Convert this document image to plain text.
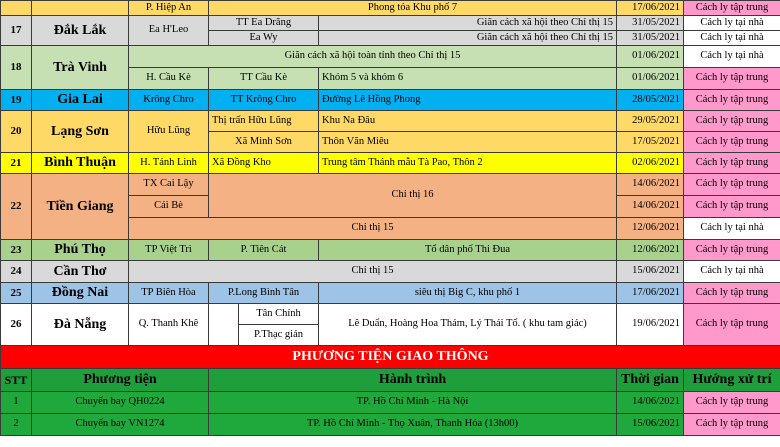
		P. Hiệp An	Phong tỏa Khu phố 7			17/06/2021	Cách ly tập trung
17	Đắk Lắk	Ea H'Leo	TT Ea Drăng		Giãn cách xã hội theo Chỉ thị 15	31/05/2021	Cách ly tại nhà
			Ea Wy		Giãn cách xã hội theo Chỉ thị 15	31/05/2021	Cách ly tại nhà
18	Trà Vinh	Giãn cách xã hội toàn tỉnh theo Chỉ thị 15				01/06/2021	Cách ly tại nhà
		H. Cầu Kè	TT Cầu Kè		Khóm 5 và khóm 6	01/06/2021	Cách ly tập trung
19	Gia Lai	Krông Chro	TT Krông Chro		Đường Lê Hồng Phong	28/05/2021	Cách ly tập trung
20	Lạng Sơn	Hữu Lũng	Thị trấn Hữu Lũng		Khu Na Đâu	29/05/2021	Cách ly tập trung
			Xã Minh Sơn		Thôn Văn Miêu	17/05/2021	Cách ly tập trung
21	Bình Thuận	H. Tánh Linh	Xã Đồng Kho		Trung tâm Thánh mẫu Tà Pao, Thôn 2	02/06/2021	Cách ly tập trung
22	Tiền Giang	TX Cai Lậy	Chỉ thị 16			14/06/2021	Cách ly tập trung
		Cái Bè				14/06/2021	Cách ly tập trung
		Chỉ thị 15				12/06/2021	Cách ly tại nhà
23	Phú Thọ	TP Việt Trì	P. Tiên Cát		Tổ dân phố Thi Đua	12/06/2021	Cách ly tập trung
24	Cần Thơ	Chỉ thị 15				15/06/2021	Cách ly tại nhà
25	Đồng Nai	TP Biên Hòa	P.Long Bình Tân		siêu thị Big C, khu phố 1	17/06/2021	Cách ly tập trung
26	Đà Nẵng	Q. Thanh Khê		Tân Chính	Lê Duẩn, Hoàng Hoa Thám, Lý Thái Tổ. ( khu tam giác)	19/06/2021	Cách ly tập trung
				P.Thạc gián			
PHƯƠNG TIỆN GIAO THÔNG							
STT	Phương tiện		Hành trình			Thời gian	Hướng xử trí
1	Chuyến bay QH0224		TP. Hồ Chí Minh - Hà Nội			14/06/2021	Cách ly tập trung
2	Chuyến bay VN1274		TP. Hồ Chí Minh - Thọ Xuân, Thanh Hóa (13h00)			15/06/2021	Cách ly tập trung
